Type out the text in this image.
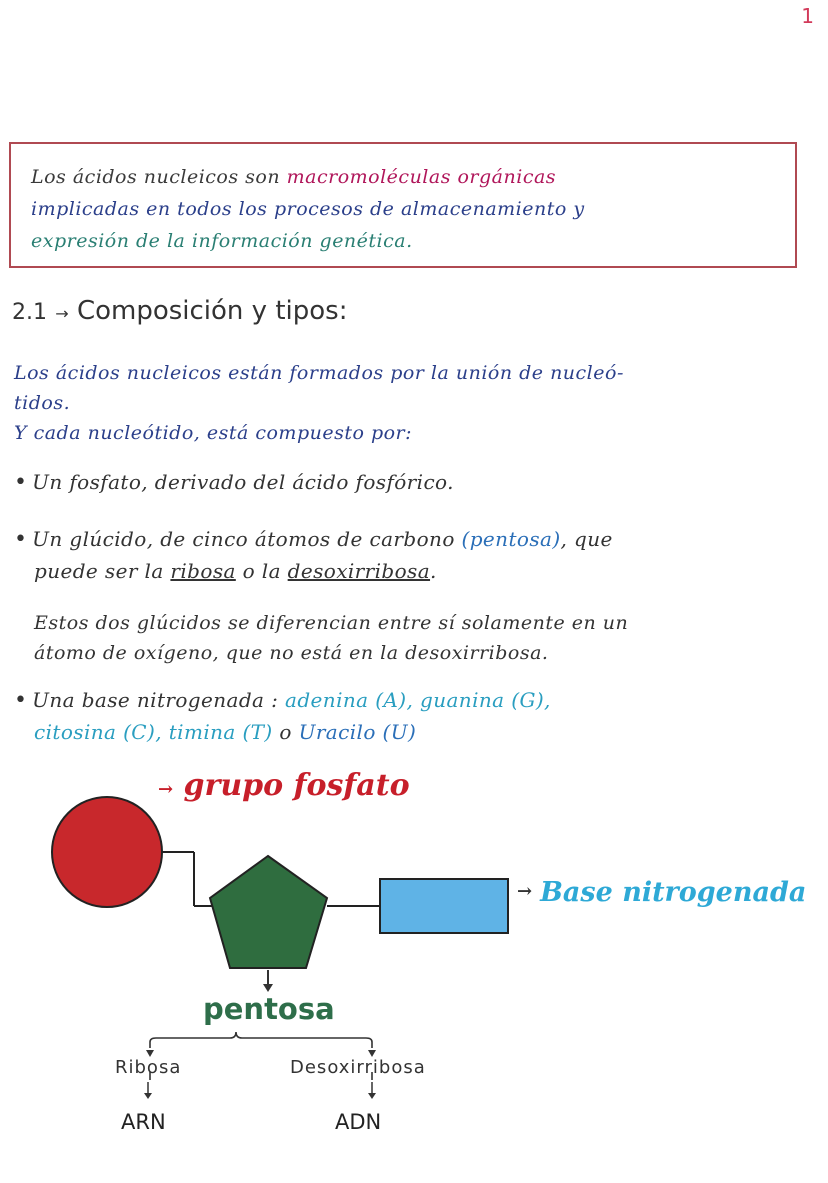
1
Los ácidos nucleicos son macromoléculas orgánicas
implicadas en todos los procesos de almacenamiento y
expresión de la información genética.
2.1 → Composición y tipos:
Los ácidos nucleicos están formados por la unión de nucleó-
tidos.
Y cada nucleótido, está compuesto por:
• Un fosfato, derivado del ácido fosfórico.
• Un glúcido, de cinco átomos de carbono (pentosa), que
puede ser la ribosa o la desoxirribosa.
Estos dos glúcidos se diferencian entre sí solamente en un
átomo de oxígeno, que no está en la desoxirribosa.
• Una base nitrogenada : adenina (A), guanina (G),
citosina (C), timina (T) o Uracilo (U)
→ grupo fosfato
→ Base nitrogenada
pentosa
Ribosa	Desoxirribosa
ARN	ADN
